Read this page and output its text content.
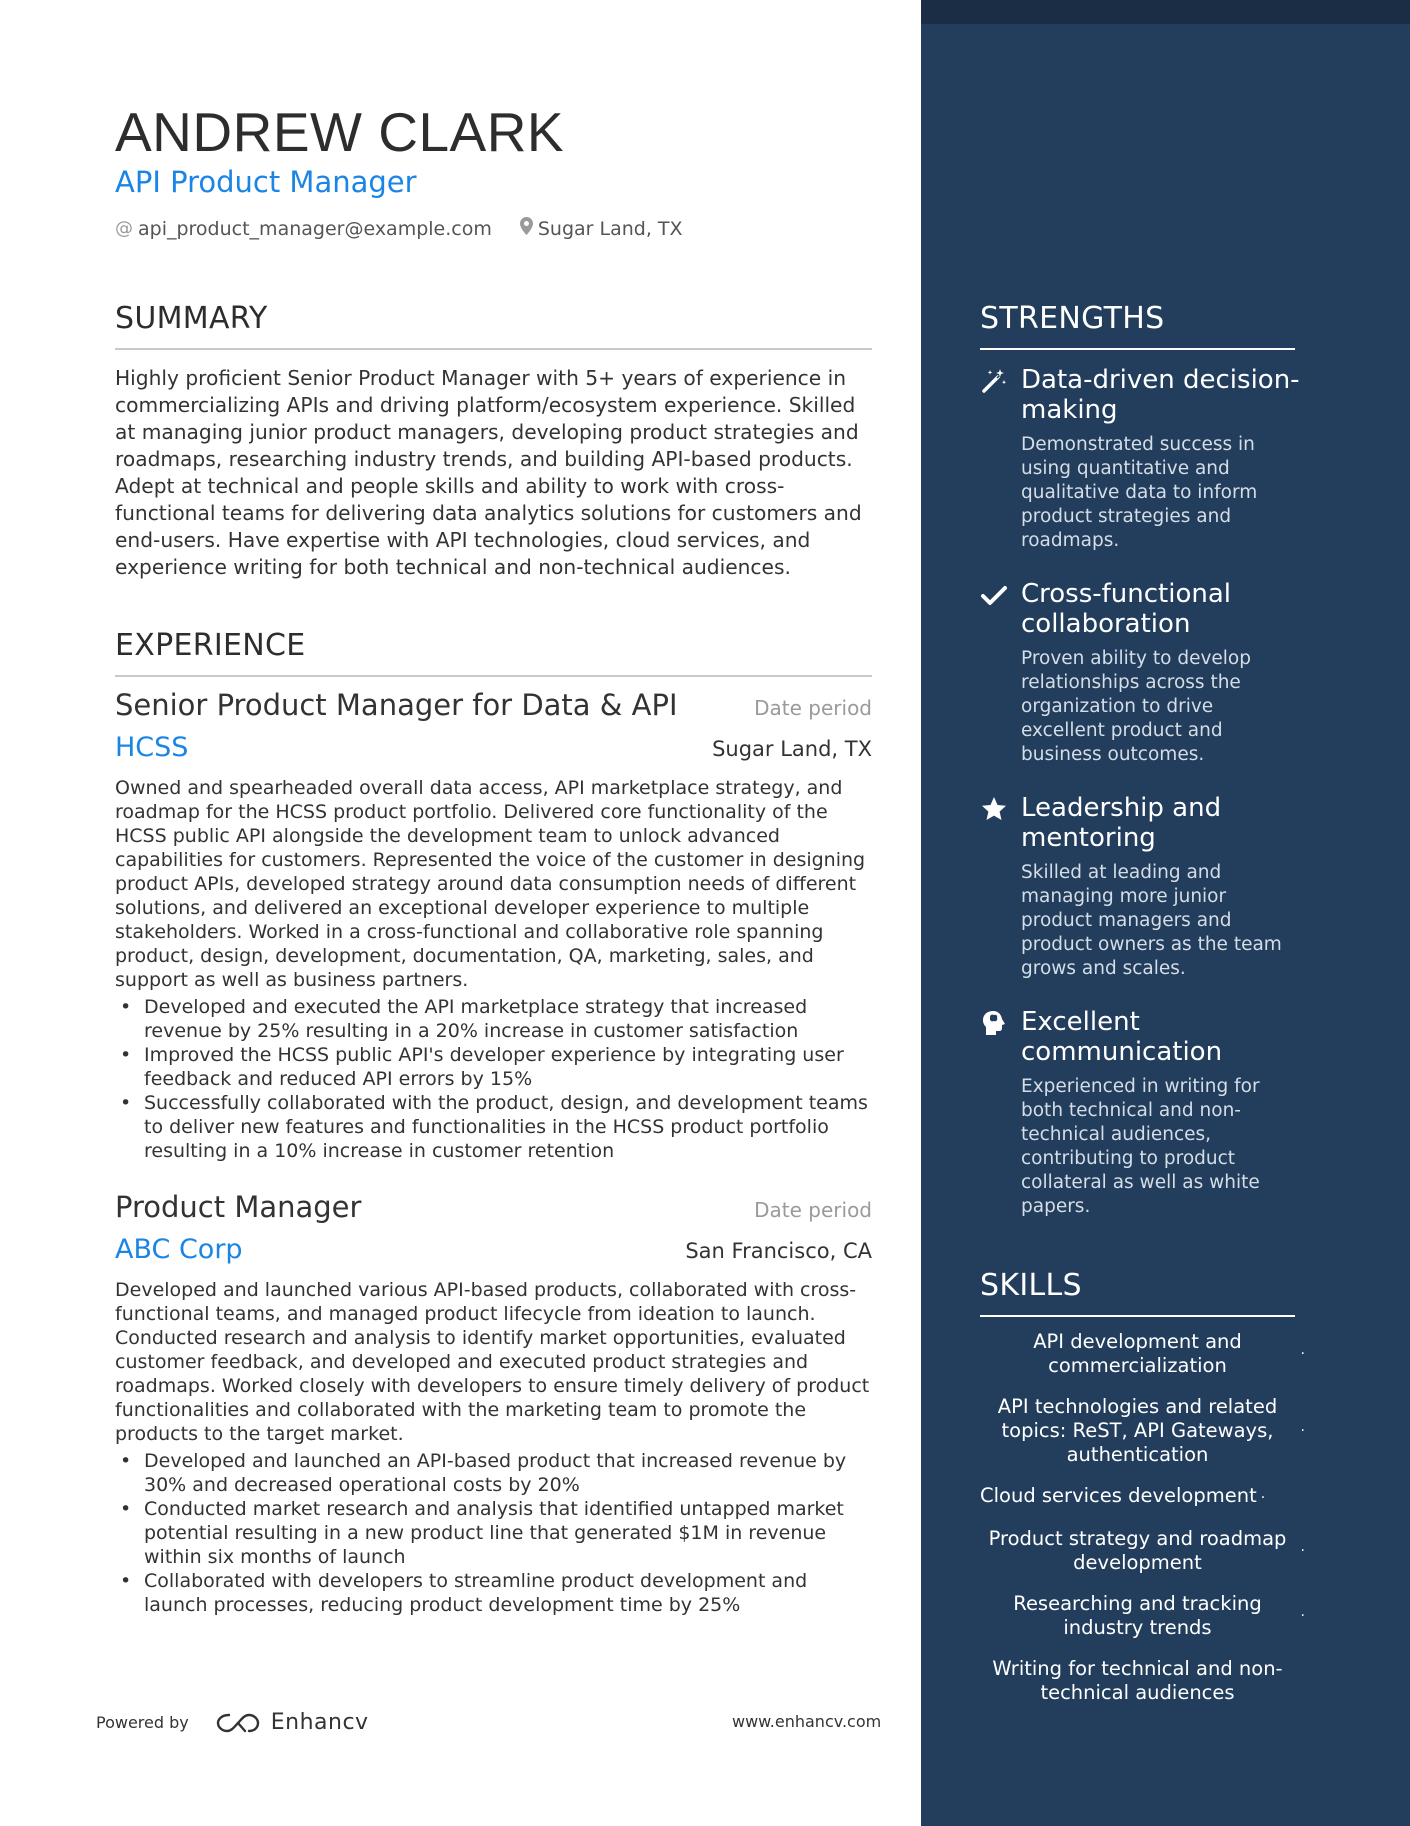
ANDREW CLARK
API Product Manager
@ api_product_manager@example.com Sugar Land, TX
SUMMARY
Highly proficient Senior Product Manager with 5+ years of experience in commercializing APIs and driving platform/ecosystem experience. Skilled at managing junior product managers, developing product strategies and roadmaps, researching industry trends, and building API-based products. Adept at technical and people skills and ability to work with cross-functional teams for delivering data analytics solutions for customers and end-users. Have expertise with API technologies, cloud services, and experience writing for both technical and non-technical audiences.
EXPERIENCE
Senior Product Manager for Data & API	Date period
HCSS	Sugar Land, TX
Owned and spearheaded overall data access, API marketplace strategy, and roadmap for the HCSS product portfolio. Delivered core functionality of the HCSS public API alongside the development team to unlock advanced capabilities for customers. Represented the voice of the customer in designing product APIs, developed strategy around data consumption needs of different solutions, and delivered an exceptional developer experience to multiple stakeholders. Worked in a cross-functional and collaborative role spanning product, design, development, documentation, QA, marketing, sales, and support as well as business partners.
• Developed and executed the API marketplace strategy that increased revenue by 25% resulting in a 20% increase in customer satisfaction
• Improved the HCSS public API's developer experience by integrating user feedback and reduced API errors by 15%
• Successfully collaborated with the product, design, and development teams to deliver new features and functionalities in the HCSS product portfolio resulting in a 10% increase in customer retention
Product Manager	Date period
ABC Corp	San Francisco, CA
Developed and launched various API-based products, collaborated with cross-functional teams, and managed product lifecycle from ideation to launch. Conducted research and analysis to identify market opportunities, evaluated customer feedback, and developed and executed product strategies and roadmaps. Worked closely with developers to ensure timely delivery of product functionalities and collaborated with the marketing team to promote the products to the target market.
• Developed and launched an API-based product that increased revenue by 30% and decreased operational costs by 20%
• Conducted market research and analysis that identified untapped market potential resulting in a new product line that generated $1M in revenue within six months of launch
• Collaborated with developers to streamline product development and launch processes, reducing product development time by 25%
Powered by	Enhancv	www.enhancv.com
STRENGTHS
Data-driven decision-making
Demonstrated success in using quantitative and qualitative data to inform product strategies and roadmaps.
Cross-functional collaboration
Proven ability to develop relationships across the organization to drive excellent product and business outcomes.
Leadership and mentoring
Skilled at leading and managing more junior product managers and product owners as the team grows and scales.
Excellent communication
Experienced in writing for both technical and non-technical audiences, contributing to product collateral as well as white papers.
SKILLS
API development and commercialization	·
API technologies and related topics: ReST, API Gateways, authentication
·
Cloud services development ·
Product strategy and roadmap development	·
Researching and tracking industry trends	·
Writing for technical and non-technical audiences
